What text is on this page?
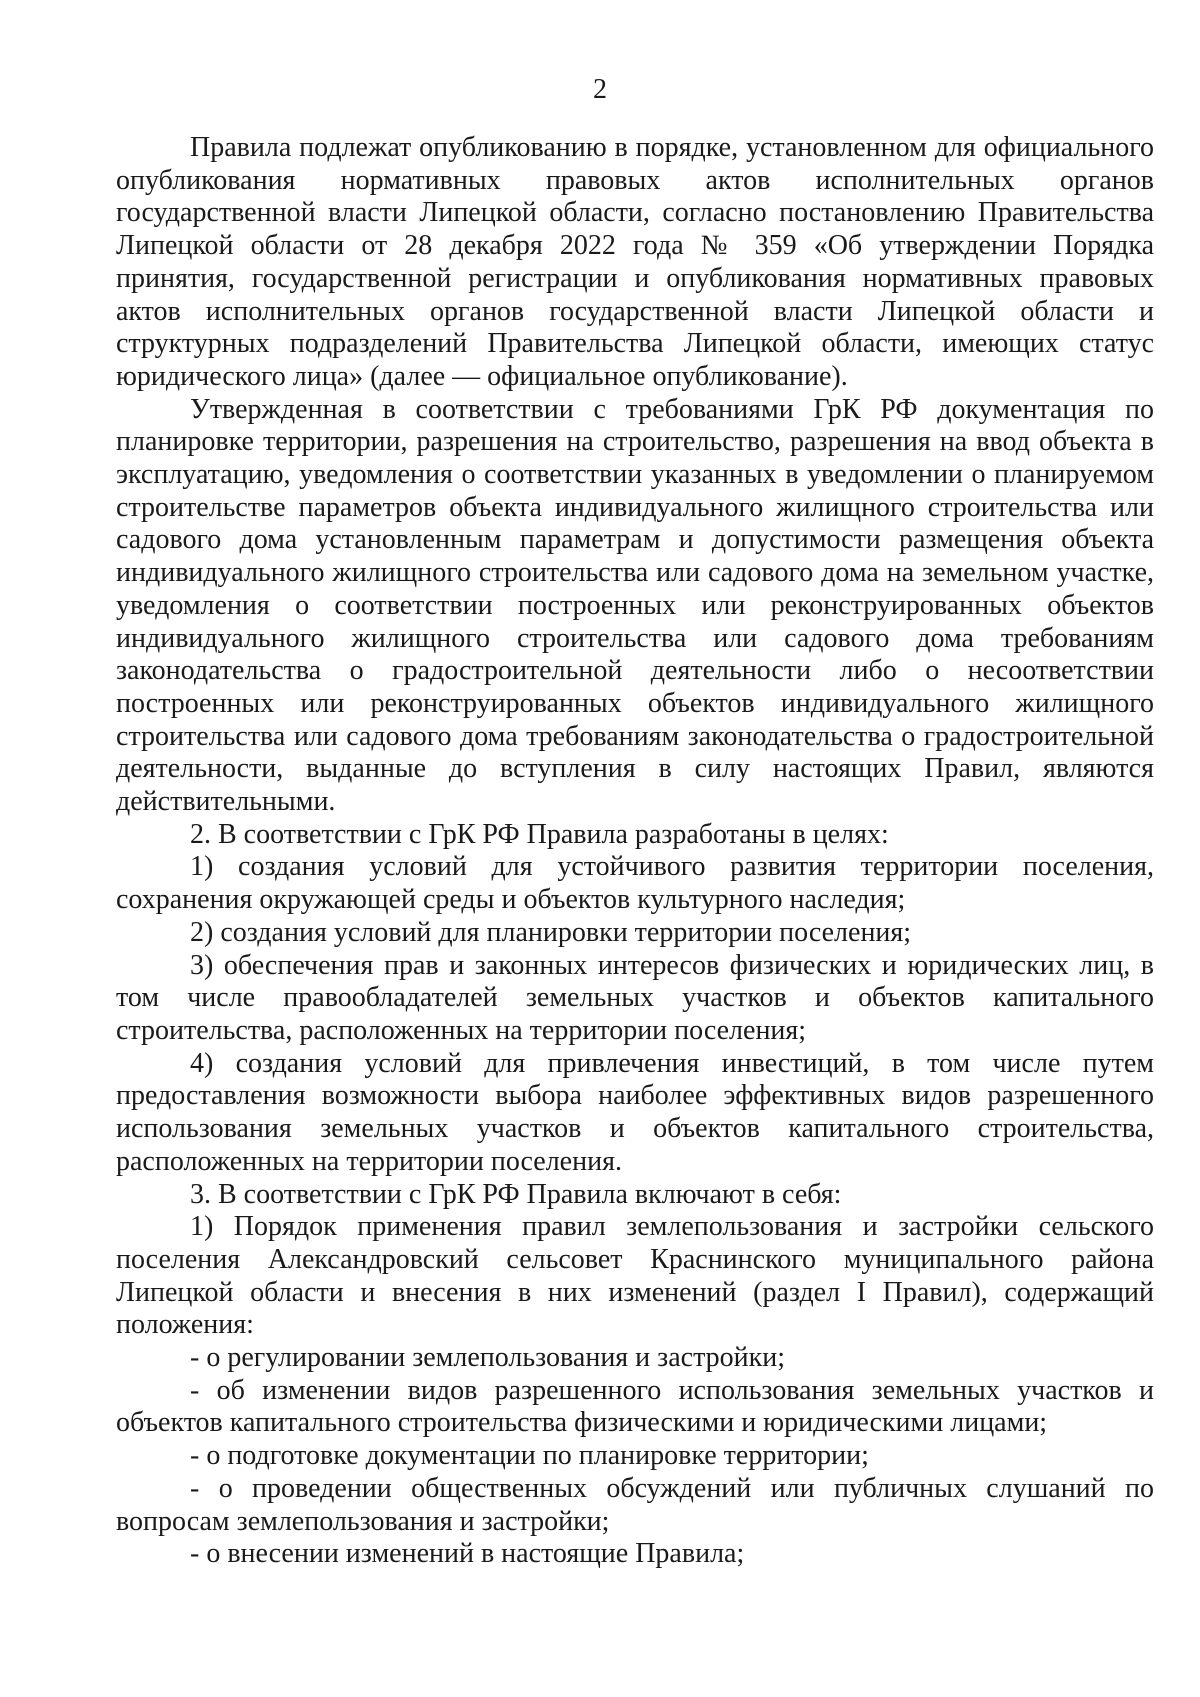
2

Правила подлежат опубликованию в порядке, установленном для официального опубликования нормативных правовых актов исполнительных органов государственной власти Липецкой области, согласно постановлению Правительства Липецкой области от 28 декабря 2022 года № 359 «Об утверждении Порядка принятия, государственной регистрации и опубликования нормативных правовых актов исполнительных органов государственной власти Липецкой области и структурных подразделений Правительства Липецкой области, имеющих статус юридического лица» (далее — официальное опубликование).

Утвержденная в соответствии с требованиями ГрК РФ документация по планировке территории, разрешения на строительство, разрешения на ввод объекта в эксплуатацию, уведомления о соответствии указанных в уведомлении о планируемом строительстве параметров объекта индивидуального жилищного строительства или садового дома установленным параметрам и допустимости размещения объекта индивидуального жилищного строительства или садового дома на земельном участке, уведомления о соответствии построенных или реконструированных объектов индивидуального жилищного строительства или садового дома требованиям законодательства о градостроительной деятельности либо о несоответствии построенных или реконструированных объектов индивидуального жилищного строительства или садового дома требованиям законодательства о градостроительной деятельности, выданные до вступления в силу настоящих Правил, являются действительными.

2. В соответствии с ГрК РФ Правила разработаны в целях:

1) создания условий для устойчивого развития территории поселения, сохранения окружающей среды и объектов культурного наследия;

2) создания условий для планировки территории поселения;

3) обеспечения прав и законных интересов физических и юридических лиц, в том числе правообладателей земельных участков и объектов капитального строительства, расположенных на территории поселения;

4) создания условий для привлечения инвестиций, в том числе путем предоставления возможности выбора наиболее эффективных видов разрешенного использования земельных участков и объектов капитального строительства, расположенных на территории поселения.

3. В соответствии с ГрК РФ Правила включают в себя:

1) Порядок применения правил землепользования и застройки сельского поселения Александровский сельсовет Краснинского муниципального района Липецкой области и внесения в них изменений (раздел I Правил), содержащий положения:

- о регулировании землепользования и застройки;

- об изменении видов разрешенного использования земельных участков и объектов капитального строительства физическими и юридическими лицами;

- о подготовке документации по планировке территории;

- о проведении общественных обсуждений или публичных слушаний по вопросам землепользования и застройки;

- о внесении изменений в настоящие Правила;
